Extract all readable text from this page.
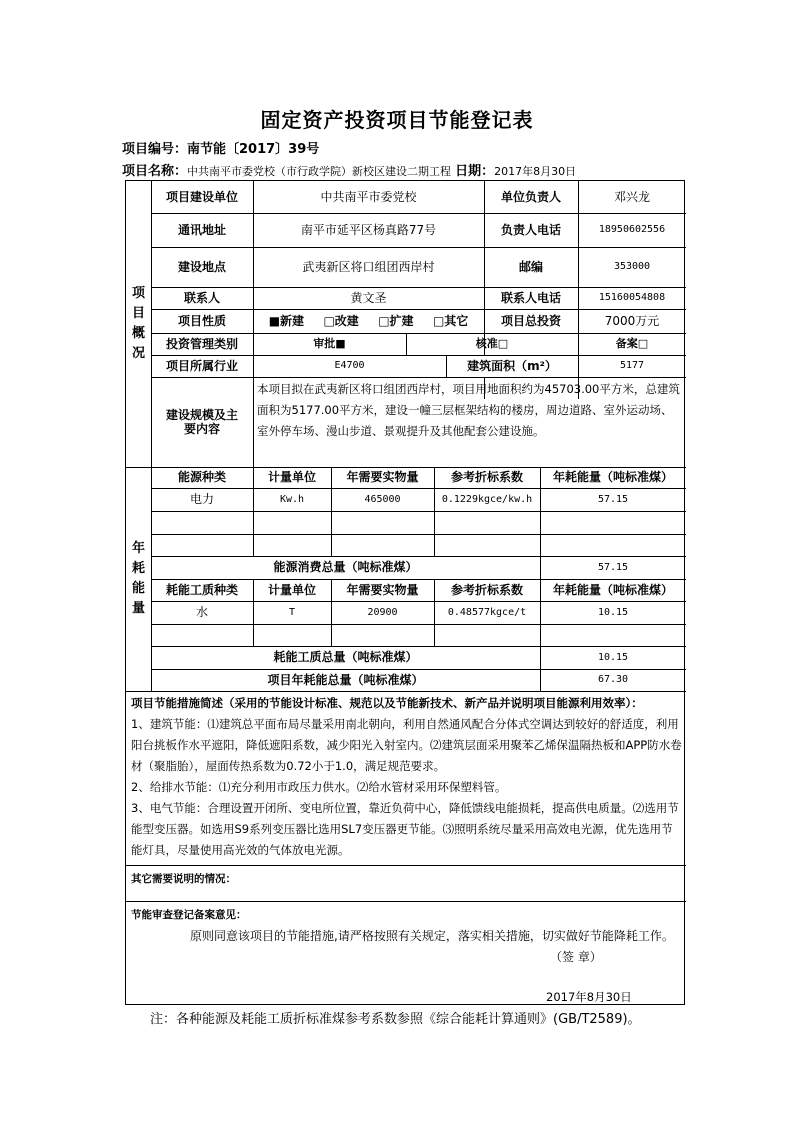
固定资产投资项目节能登记表
项目编号：南节能〔2017〕39号
项目名称：中共南平市委党校（市行政学院）新校区建设二期工程 日期：2017年8月30日
项
目
概
况
项目建设单位	中共南平市委党校	单位负责人	邓兴龙
通讯地址	南平市延平区杨真路77号	负责人电话	18950602556
建设地点	武夷新区将口组团西岸村	邮编	353000
联系人	黄文圣	联系人电话	15160054808
项目性质	■新建 □改建 □扩建 □其它	项目总投资	7000万元
投资管理类别	审批■	核准□	备案□
项目所属行业	E4700	建筑面积（m²）	5177
建设规模及主要内容
本项目拟在武夷新区将口组团西岸村，项目用地面积约为45703.00平方米，总建筑面积为5177.00平方米，建设一幢三层框架结构的楼房，周边道路、室外运动场、室外停车场、漫山步道、景观提升及其他配套公建设施。
年
耗
能
量
能源种类	计量单位	年需要实物量	参考折标系数	年耗能量（吨标准煤）
电力	Kw.h	465000	0.1229kgce/kw.h	57.15
能源消费总量（吨标准煤）	57.15
耗能工质种类	计量单位	年需要实物量	参考折标系数	年耗能量（吨标准煤）
水	T	20900	0.48577kgce/t	10.15
耗能工质总量（吨标准煤）	10.15
项目年耗能总量（吨标准煤）	67.30
项目节能措施简述（采用的节能设计标准、规范以及节能新技术、新产品并说明项目能源利用效率）：
1、建筑节能：⑴建筑总平面布局尽量采用南北朝向，利用自然通风配合分体式空调达到较好的舒适度，利用阳台挑板作水平遮阳，降低遮阳系数，减少阳光入射室内。⑵建筑层面采用聚苯乙烯保温隔热板和APP防水卷材（聚脂胎），屋面传热系数为0.72小于1.0，满足规范要求。
2、给排水节能：⑴充分利用市政压力供水。⑵给水管材采用环保塑料管。
3、电气节能：合理设置开闭所、变电所位置，靠近负荷中心，降低馈线电能损耗，提高供电质量。⑵选用节能型变压器。如选用S9系列变压器比选用SL7变压器更节能。⑶照明系统尽量采用高效电光源，优先选用节能灯具，尽量使用高光效的气体放电光源。
其它需要说明的情况：
节能审查登记备案意见：
原则同意该项目的节能措施,请严格按照有关规定，落实相关措施，切实做好节能降耗工作。
（签 章）
2017年8月30日
注：各种能源及耗能工质折标准煤参考系数参照《综合能耗计算通则》(GB/T2589)。
